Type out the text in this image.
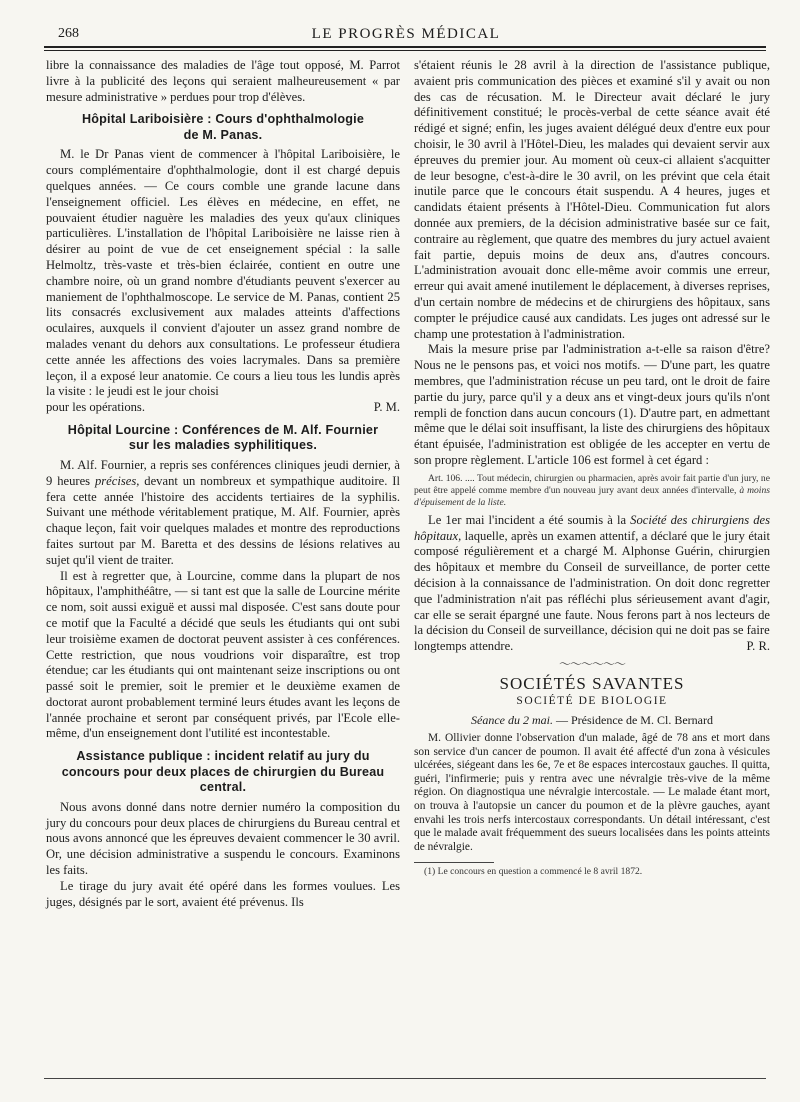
268	LE PROGRÈS MÉDICAL

libre la connaissance des maladies de l'âge tout opposé, M. Parrot livre à la publicité des leçons qui seraient malheureusement « par mesure administrative » perdues pour trop d'élèves.

Hôpital Lariboisière : Cours d'ophthalmologie
de M. Panas.

M. le Dr Panas vient de commencer à l'hôpital Lariboisière, le cours complémentaire d'ophthalmologie, dont il est chargé depuis quelques années. — Ce cours comble une grande lacune dans l'enseignement officiel. Les élèves en médecine, en effet, ne pouvaient étudier naguère les maladies des yeux qu'aux cliniques particulières. L'installation de l'hôpital Lariboisière ne laisse rien à désirer au point de vue de cet enseignement spécial : la salle Helmoltz, très-vaste et très-bien éclairée, contient en outre une chambre noire, où un grand nombre d'étudiants peuvent s'exercer au maniement de l'ophthalmoscope. Le service de M. Panas, contient 25 lits consacrés exclusivement aux malades atteints d'affections oculaires, auxquels il convient d'ajouter un assez grand nombre de malades venant du dehors aux consultations. Le professeur étudiera cette année les affections des voies lacrymales. Dans sa première leçon, il a exposé leur anatomie. Ce cours a lieu tous les lundis après la visite : le jeudi est le jour choisi

pour les opérations.	P. M.
Hôpital Lourcine : Conférences de M. Alf. Fournier
sur les maladies syphilitiques.

M. Alf. Fournier, a repris ses conférences cliniques jeudi dernier, à 9 heures précises, devant un nombreux et sympathique auditoire. Il fera cette année l'histoire des accidents tertiaires de la syphilis. Suivant une méthode véritablement pratique, M. Alf. Fournier, après chaque leçon, fait voir quelques malades et montre des reproductions faites surtout par M. Baretta et des dessins de lésions relatives au sujet qu'il vient de traiter.

Il est à regretter que, à Lourcine, comme dans la plupart de nos hôpitaux, l'amphithéâtre, — si tant est que la salle de Lourcine mérite ce nom, soit aussi exiguë et aussi mal disposée. C'est sans doute pour ce motif que la Faculté a décidé que seuls les étudiants qui ont subi leur troisième examen de doctorat peuvent assister à ces conférences. Cette restriction, que nous voudrions voir disparaître, est trop étendue; car les étudiants qui ont maintenant seize inscriptions ou ont passé soit le premier, soit le premier et le deuxième examen de doctorat auront probablement terminé leurs études avant les leçons de l'année prochaine et seront par conséquent privés, par l'Ecole elle-même, d'un enseignement dont l'utilité est incontestable.

Assistance publique : incident relatif au jury du concours pour deux places de chirurgien du Bureau central.

Nous avons donné dans notre dernier numéro la composition du jury du concours pour deux places de chirurgiens du Bureau central et nous avons annoncé que les épreuves devaient commencer le 30 avril. Or, une décision administrative a suspendu le concours. Examinons les faits.

Le tirage du jury avait été opéré dans les formes voulues. Les juges, désignés par le sort, avaient été prévenus. Ils

s'étaient réunis le 28 avril à la direction de l'assistance publique, avaient pris communication des pièces et examiné s'il y avait ou non des cas de récusation. M. le Directeur avait déclaré le jury définitivement constitué; le procès-verbal de cette séance avait été rédigé et signé; enfin, les juges avaient délégué deux d'entre eux pour choisir, le 30 avril à l'Hôtel-Dieu, les malades qui devaient servir aux épreuves du premier jour. Au moment où ceux-ci allaient s'acquitter de leur besogne, c'est-à-dire le 30 avril, on les prévint que cela était inutile parce que le concours était suspendu. A 4 heures, juges et candidats étaient présents à l'Hôtel-Dieu. Communication fut alors donnée aux premiers, de la décision administrative basée sur ce fait, contraire au règlement, que quatre des membres du jury actuel avaient fait partie, depuis moins de deux ans, d'autres concours. L'administration avouait donc elle-même avoir commis une erreur, erreur qui avait amené inutilement le déplacement, à diverses reprises, d'un certain nombre de médecins et de chirurgiens des hôpitaux, sans compter le préjudice causé aux candidats. Les juges ont adressé sur le champ une protestation à l'administration.

Mais la mesure prise par l'administration a-t-elle sa raison d'être? Nous ne le pensons pas, et voici nos motifs. — D'une part, les quatre membres, que l'administration récuse un peu tard, ont le droit de faire partie du jury, parce qu'il y a deux ans et vingt-deux jours qu'ils n'ont rempli de fonction dans aucun concours (1). D'autre part, en admettant même que le délai soit insuffisant, la liste des chirurgiens des hôpitaux étant épuisée, l'administration est obligée de les accepter en vertu de son propre règlement. L'article 106 est formel à cet égard :

Art. 106. .... Tout médecin, chirurgien ou pharmacien, après avoir fait partie d'un jury, ne peut être appelé comme membre d'un nouveau jury avant deux années d'intervalle, à moins d'épuisement de la liste.

Le 1er mai l'incident a été soumis à la Société des chirurgiens des hôpitaux, laquelle, après un examen attentif, a déclaré que le jury était composé régulièrement et a chargé M. Alphonse Guérin, chirurgien des hôpitaux et membre du Conseil de surveillance, de porter cette décision à la connaissance de l'administration. On doit donc regretter que l'administration n'ait pas réfléchi plus sérieusement avant d'agir, car elle se serait épargné une faute. Nous ferons part à nos lecteurs de la décision du Conseil de surveillance, décision qui ne doit pas se faire

longtemps attendre.	P. R.
〜〜〜〜〜〜
SOCIÉTÉS SAVANTES
SOCIÉTÉ DE BIOLOGIE
Séance du 2 mai. — Présidence de M. Cl. Bernard

M. Ollivier donne l'observation d'un malade, âgé de 78 ans et mort dans son service d'un cancer de poumon. Il avait été affecté d'un zona à vésicules ulcérées, siégeant dans les 6e, 7e et 8e espaces intercostaux gauches. Il quitta, guéri, l'infirmerie; puis y rentra avec une névralgie très-vive de la même région. On diagnostiqua une névralgie intercostale. — Le malade étant mort, on trouva à l'autopsie un cancer du poumon et de la plèvre gauches, ayant envahi les trois nerfs intercostaux correspondants. Un détail intéressant, c'est que le malade avait fréquemment des sueurs localisées dans les points atteints de névralgie.

(1) Le concours en question a commencé le 8 avril 1872.
